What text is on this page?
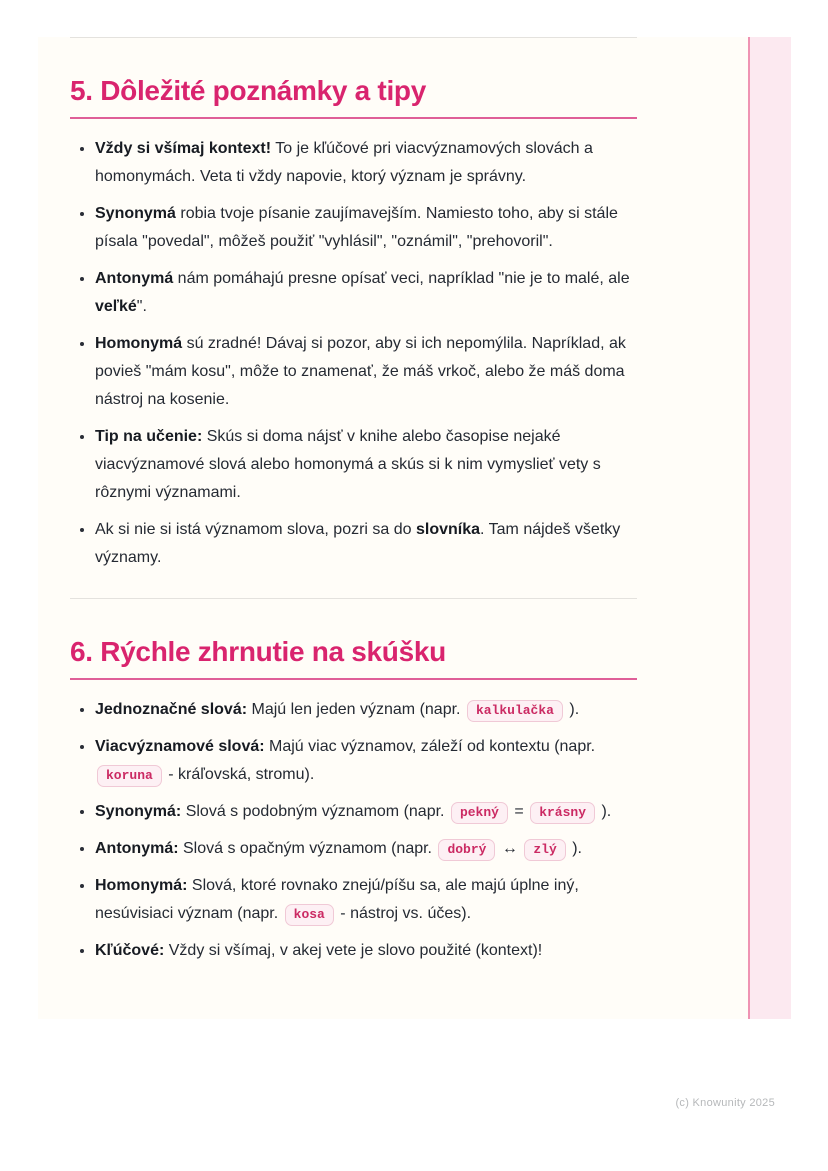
5. Dôležité poznámky a tipy
• Vždy si všímaj kontext! To je kľúčové pri viacvýznamových slovách a homonymách. Veta ti vždy napovie, ktorý význam je správny.
• Synonymá robia tvoje písanie zaujímavejším. Namiesto toho, aby si stále písala "povedal", môžeš použiť "vyhlásil", "oznámil", "prehovoril".
• Antonymá nám pomáhajú presne opísať veci, napríklad "nie je to malé, ale veľké".
• Homonymá sú zradné! Dávaj si pozor, aby si ich nepomýlila. Napríklad, ak povieš "mám kosu", môže to znamenať, že máš vrkoč, alebo že máš doma nástroj na kosenie.
• Tip na učenie: Skús si doma nájsť v knihe alebo časopise nejaké viacvýznamové slová alebo homonymá a skús si k nim vymyslieť vety s rôznymi významami.
• Ak si nie si istá významom slova, pozri sa do slovníka. Tam nájdeš všetky významy.
6. Rýchle zhrnutie na skúšku
• Jednoznačné slová: Majú len jeden význam (napr. kalkulačka ).
• Viacvýznamové slová: Majú viac významov, záleží od kontextu (napr. koruna - kráľovská, stromu).
• Synonymá: Slová s podobným významom (napr. pekný = krásny ).
• Antonymá: Slová s opačným významom (napr. dobrý ↔ zlý ).
• Homonymá: Slová, ktoré rovnako znejú/píšu sa, ale majú úplne iný, nesúvisiaci význam (napr. kosa - nástroj vs. účes).
• Kľúčové: Vždy si všímaj, v akej vete je slovo použité (kontext)!
(c) Knowunity 2025
